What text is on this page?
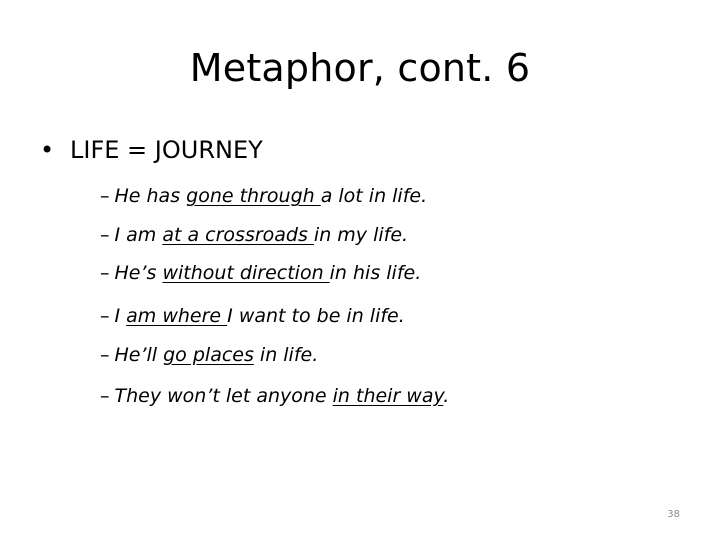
Metaphor, cont. 6
• LIFE = JOURNEY
– He has gone through a lot in life.
– I am at a crossroads in my life.
– He’s without direction in his life.
– I am where I want to be in life.
– He’ll go places in life.
– They won’t let anyone in their way.
38
